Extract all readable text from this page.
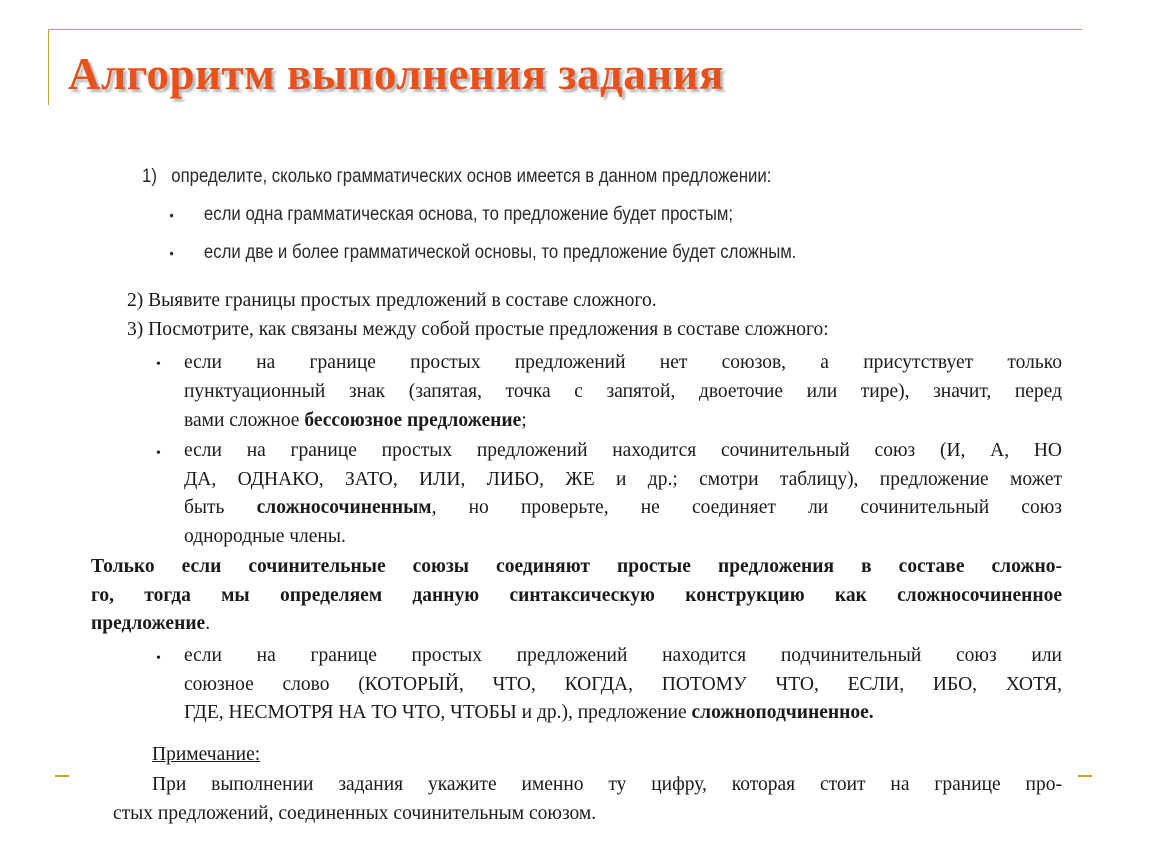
Алгоритм выполнения задания
1) определите, сколько грамматических основ имеется в данном предложении:
• если одна грамматическая основа, то предложение будет простым;
• если две и более грамматической основы, то предложение будет сложным.
2) Выявите границы простых предложений в составе сложного.
3) Посмотрите, как связаны между собой простые предложения в составе сложного:
• если на границе простых предложений нет союзов, а присутствует только
пунктуационный знак (запятая, точка с запятой, двоеточие или тире), значит, перед
вами сложное бессоюзное предложение;
• если на границе простых предложений находится сочинительный союз (И, А, НО
ДА, ОДНАКО, ЗАТО, ИЛИ, ЛИБО, ЖЕ и др.; смотри таблицу), предложение может
быть сложносочиненным, но проверьте, не соединяет ли сочинительный союз
однородные члены.
Только если сочинительные союзы соединяют простые предложения в составе сложно-
го, тогда мы определяем данную синтаксическую конструкцию как сложносочиненное
предложение.
• если на границе простых предложений находится подчинительный союз или
союзное слово (КОТОРЫЙ, ЧТО, КОГДА, ПОТОМУ ЧТО, ЕСЛИ, ИБО, ХОТЯ,
ГДЕ, НЕСМОТРЯ НА ТО ЧТО, ЧТОБЫ и др.), предложение сложноподчиненное.
Примечание:
При выполнении задания укажите именно ту цифру, которая стоит на границе про-
стых предложений, соединенных сочинительным союзом.
